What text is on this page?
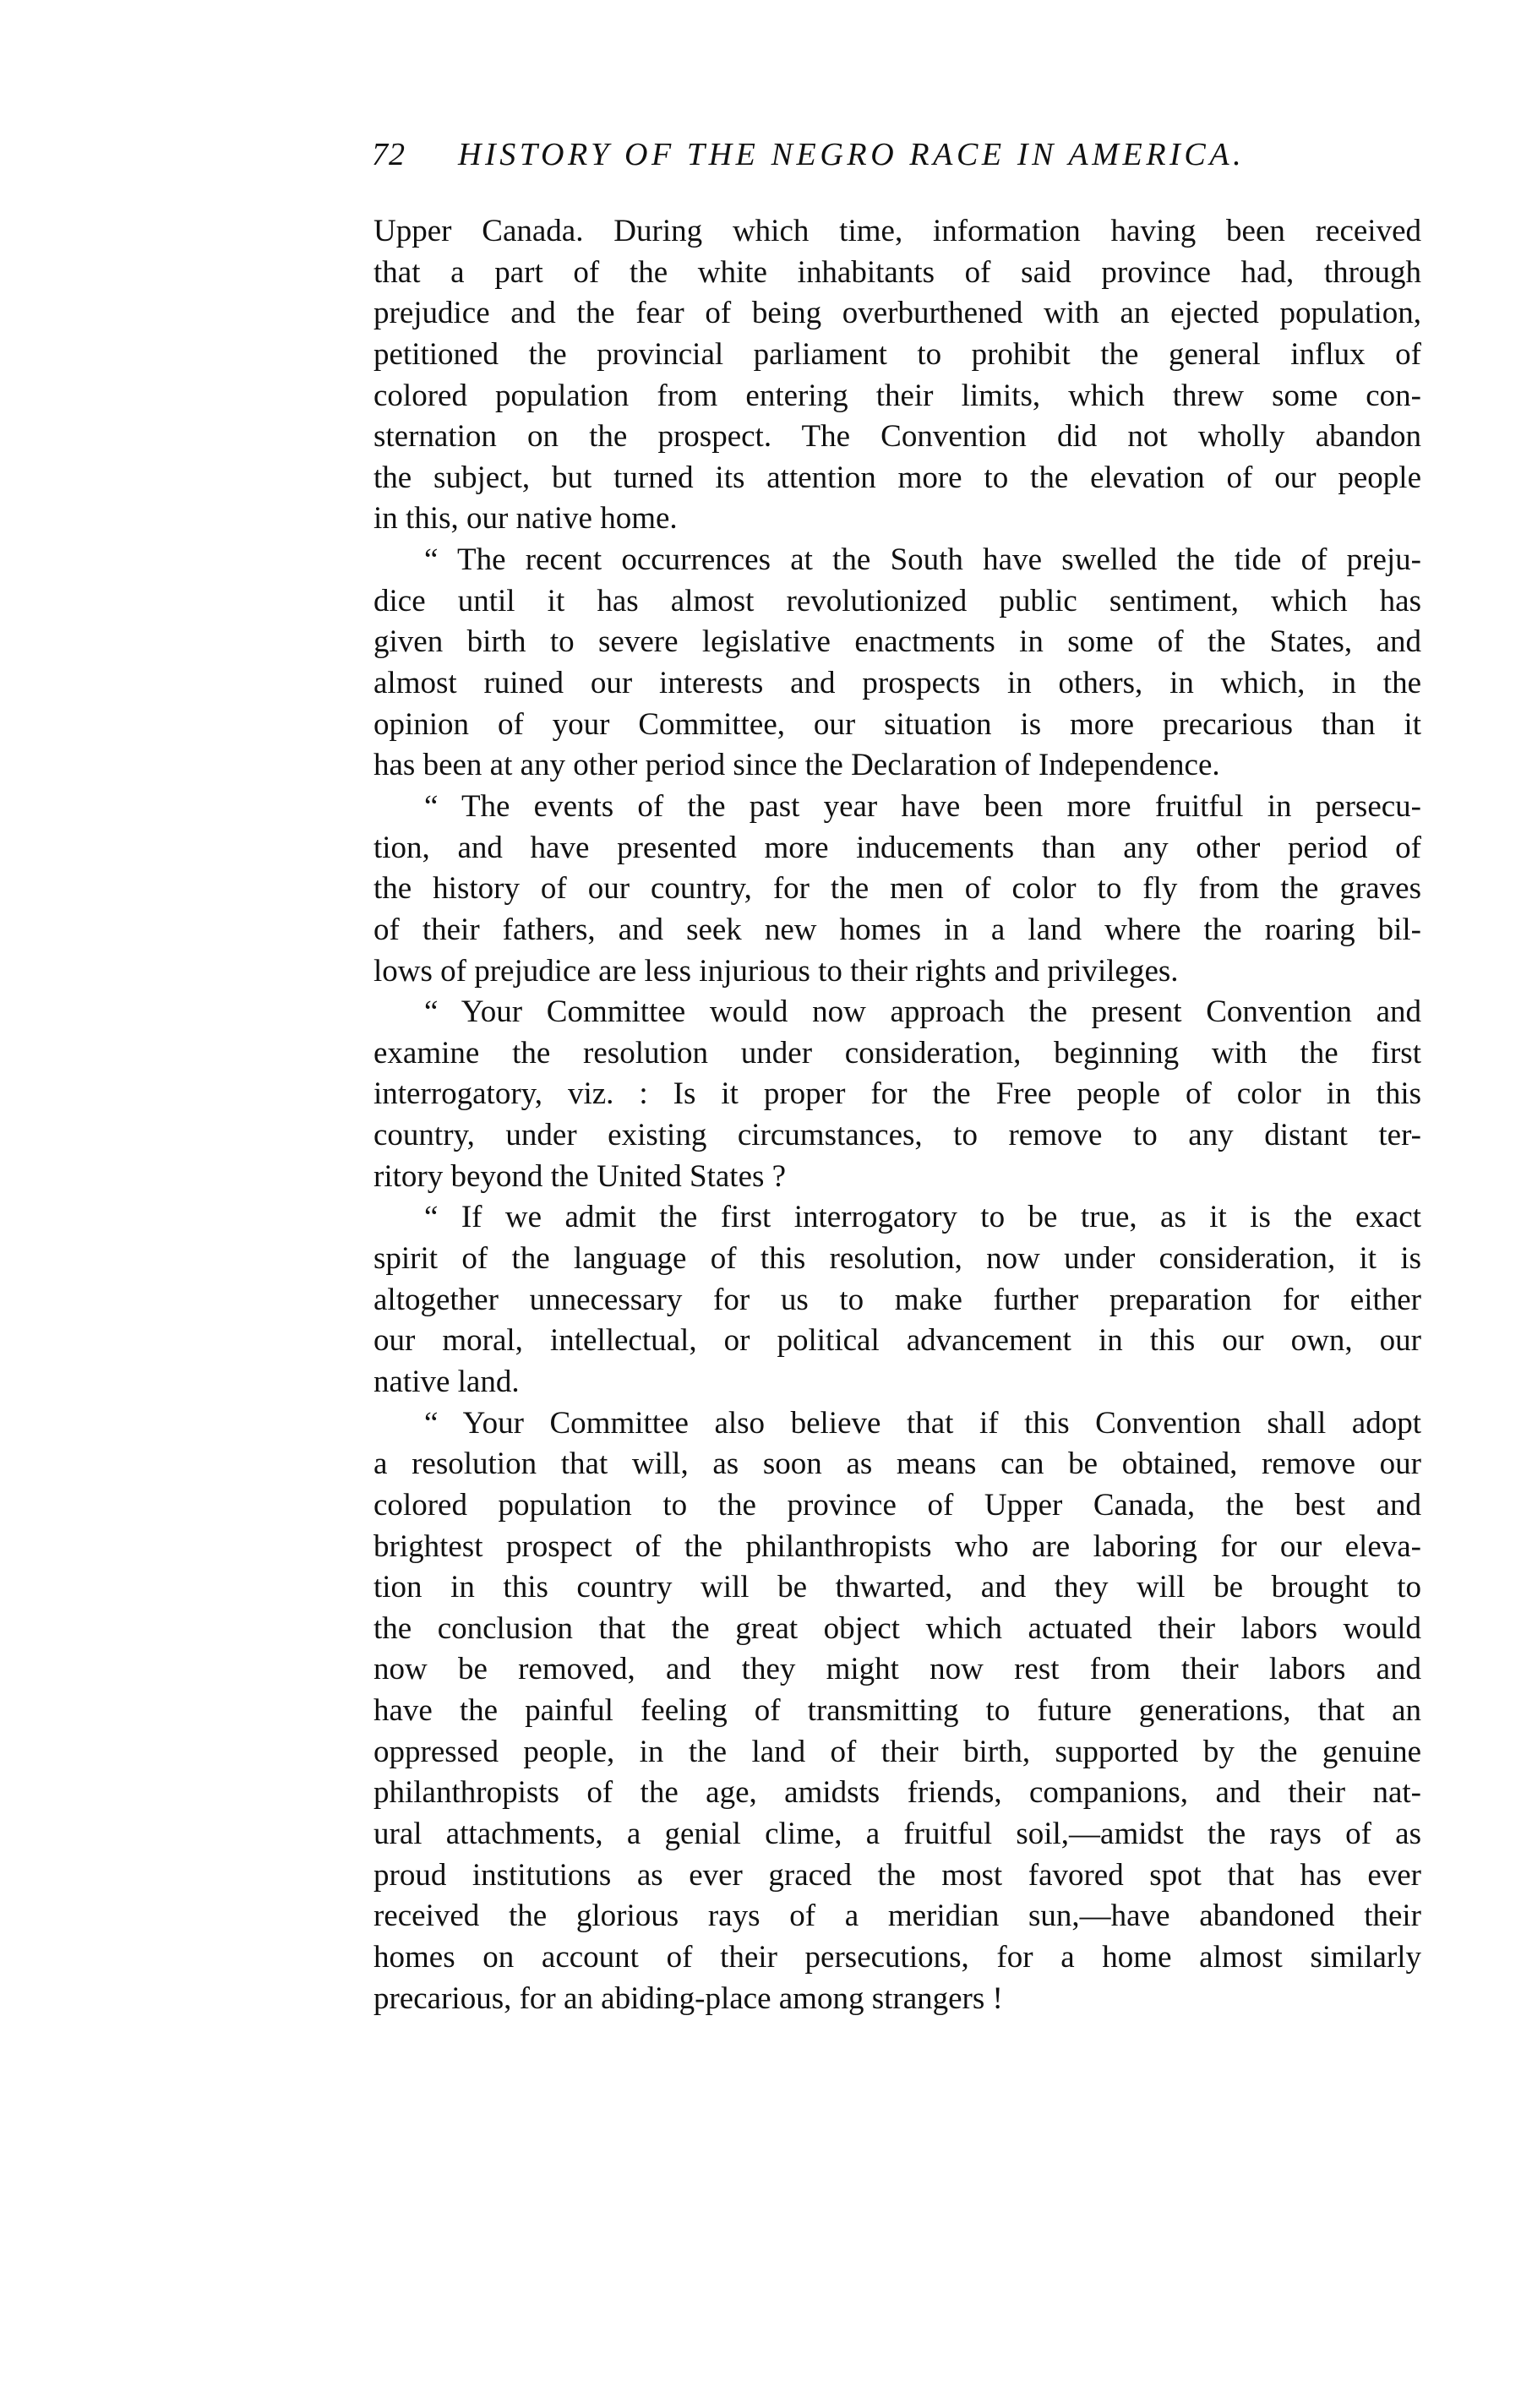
72 HISTORY OF THE NEGRO RACE IN AMERICA.
Upper Canada. During which time, information having been received
that a part of the white inhabitants of said province had, through
prejudice and the fear of being overburthened with an ejected population,
petitioned the provincial parliament to prohibit the general influx of
colored population from entering their limits, which threw some con-
sternation on the prospect. The Convention did not wholly abandon
the subject, but turned its attention more to the elevation of our people
in this, our native home.
“ The recent occurrences at the South have swelled the tide of preju-
dice until it has almost revolutionized public sentiment, which has
given birth to severe legislative enactments in some of the States, and
almost ruined our interests and prospects in others, in which, in the
opinion of your Committee, our situation is more precarious than it
has been at any other period since the Declaration of Independence.
“ The events of the past year have been more fruitful in persecu-
tion, and have presented more inducements than any other period of
the history of our country, for the men of color to fly from the graves
of their fathers, and seek new homes in a land where the roaring bil-
lows of prejudice are less injurious to their rights and privileges.
“ Your Committee would now approach the present Convention and
examine the resolution under consideration, beginning with the first
interrogatory, viz. : Is it proper for the Free people of color in this
country, under existing circumstances, to remove to any distant ter-
ritory beyond the United States ?
“ If we admit the first interrogatory to be true, as it is the exact
spirit of the language of this resolution, now under consideration, it is
altogether unnecessary for us to make further preparation for either
our moral, intellectual, or political advancement in this our own, our
native land.
“ Your Committee also believe that if this Convention shall adopt
a resolution that will, as soon as means can be obtained, remove our
colored population to the province of Upper Canada, the best and
brightest prospect of the philanthropists who are laboring for our eleva-
tion in this country will be thwarted, and they will be brought to
the conclusion that the great object which actuated their labors would
now be removed, and they might now rest from their labors and
have the painful feeling of transmitting to future generations, that an
oppressed people, in the land of their birth, supported by the genuine
philanthropists of the age, amidsts friends, companions, and their nat-
ural attachments, a genial clime, a fruitful soil,—amidst the rays of as
proud institutions as ever graced the most favored spot that has ever
received the glorious rays of a meridian sun,—have abandoned their
homes on account of their persecutions, for a home almost similarly
precarious, for an abiding-place among strangers !
